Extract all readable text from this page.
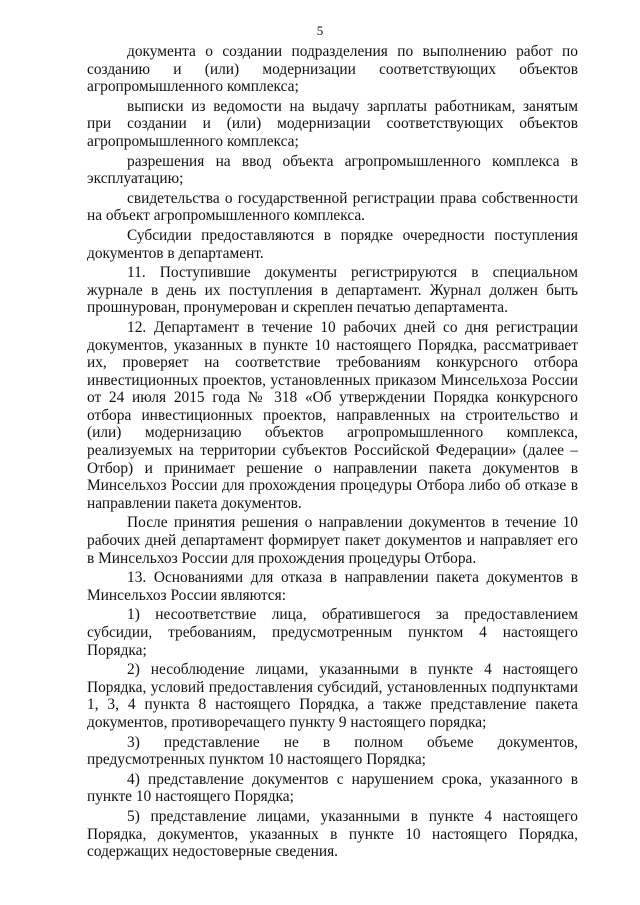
5

документа о создании подразделения по выполнению работ по созданию и (или) модернизации соответствующих объектов агропромышленного комплекса;

выписки из ведомости на выдачу зарплаты работникам, занятым при создании и (или) модернизации соответствующих объектов агропромышленного комплекса;

разрешения на ввод объекта агропромышленного комплекса в эксплуатацию;

свидетельства о государственной регистрации права собственности на объект агропромышленного комплекса.

Субсидии предоставляются в порядке очередности поступления документов в департамент.

11. Поступившие документы регистрируются в специальном журнале в день их поступления в департамент. Журнал должен быть прошнурован, пронумерован и скреплен печатью департамента.

12. Департамент в течение 10 рабочих дней со дня регистрации документов, указанных в пункте 10 настоящего Порядка, рассматривает их, проверяет на соответствие требованиям конкурсного отбора инвестиционных проектов, установленных приказом Минсельхоза России от 24 июля 2015 года № 318 «Об утверждении Порядка конкурсного отбора инвестиционных проектов, направленных на строительство и (или) модернизацию объектов агропромышленного комплекса, реализуемых на территории субъектов Российской Федерации» (далее – Отбор) и принимает решение о направлении пакета документов в Минсельхоз России для прохождения процедуры Отбора либо об отказе в направлении пакета документов.

После принятия решения о направлении документов в течение 10 рабочих дней департамент формирует пакет документов и направляет его в Минсельхоз России для прохождения процедуры Отбора.

13. Основаниями для отказа в направлении пакета документов в Минсельхоз России являются:

1) несоответствие лица, обратившегося за предоставлением субсидии, требованиям, предусмотренным пунктом 4 настоящего Порядка;

2) несоблюдение лицами, указанными в пункте 4 настоящего Порядка, условий предоставления субсидий, установленных подпунктами 1, 3, 4 пункта 8 настоящего Порядка, а также представление пакета документов, противоречащего пункту 9 настоящего порядка;

3) представление не в полном объеме документов, предусмотренных пунктом 10 настоящего Порядка;

4) представление документов с нарушением срока, указанного в пункте 10 настоящего Порядка;

5) представление лицами, указанными в пункте 4 настоящего Порядка, документов, указанных в пункте 10 настоящего Порядка, содержащих недостоверные сведения.
